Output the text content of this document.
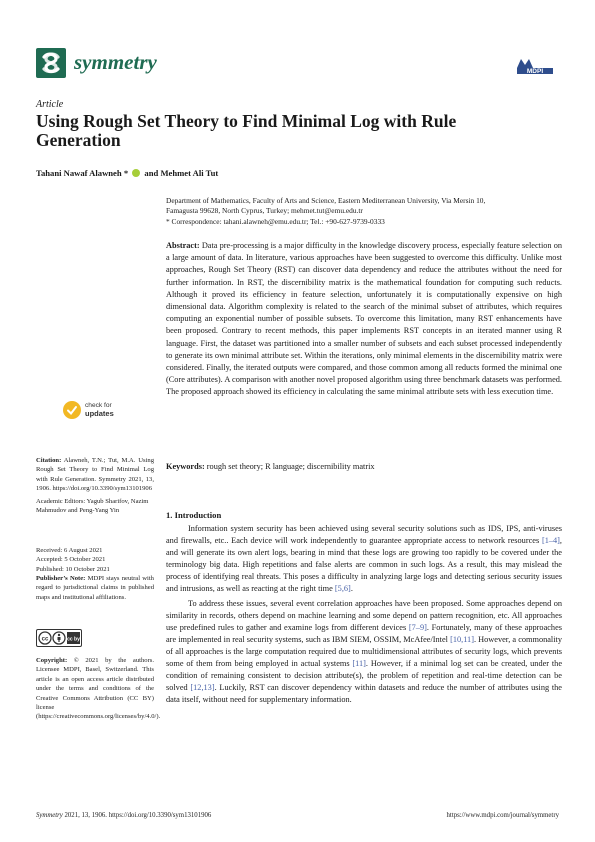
symmetry	MDPI
Article
Using Rough Set Theory to Find Minimal Log with Rule Generation
Tahani Nawaf Alawneh *  and Mehmet Ali Tut
Department of Mathematics, Faculty of Arts and Science, Eastern Mediterranean University, Via Mersin 10,
Famagusta 99628, North Cyprus, Turkey; mehmet.tut@emu.edu.tr
* Correspondence: tahani.alawneh@emu.edu.tr; Tel.: +90-627-9739-0333
Abstract: Data pre-processing is a major difficulty in the knowledge discovery process, especially feature selection on a large amount of data. In literature, various approaches have been suggested to overcome this difficulty. Unlike most approaches, Rough Set Theory (RST) can discover data dependency and reduce the attributes without the need for further information. In RST, the discernibility matrix is the mathematical foundation for computing such reducts. Although it proved its efficiency in feature selection, unfortunately it is computationally expensive on high dimensional data. Algorithm complexity is related to the search of the minimal subset of attributes, which requires computing an exponential number of possible subsets. To overcome this limitation, many RST enhancements have been proposed. Contrary to recent methods, this paper implements RST concepts in an iterated manner using R language. First, the dataset was partitioned into a smaller number of subsets and each subset processed independently to generate its own minimal attribute set. Within the iterations, only minimal elements in the discernibility matrix were considered. Finally, the iterated outputs were compared, and those common among all reducts formed the minimal one (Core attributes). A comparison with another novel proposed algorithm using three benchmark datasets was performed. The proposed approach showed its efficiency in calculating the same minimal attribute sets with less execution time.
Keywords: rough set theory; R language; discernibility matrix
1. Introduction

Information system security has been achieved using several security solutions such as IDS, IPS, anti-viruses and firewalls, etc.. Each device will work independently to guarantee appropriate access to network resources [1–4], and will generate its own alert logs, bearing in mind that these logs are growing too rapidly to be covered under the terminology big data. High repetitions and false alerts are common in such logs. As a result, this may mislead the process of identifying real threats. This poses a difficulty in analyzing large logs and detecting serious security issues and intrusions, as well as reacting at the right time [5,6].

To address these issues, several event correlation approaches have been proposed. Some approaches depend on similarity in records, others depend on machine learning and some depend on pattern recognition, etc. All approaches use predefined rules to gather and examine logs from different devices [7–9]. Fortunately, many of these approaches are implemented in real security systems, such as IBM SIEM, OSSIM, McAfee/Intel [10,11]. However, a commonality of all approaches is the large computation required due to multidimensional attributes of security logs, which prevents some of them from being employed in actual systems [11]. However, if a minimal log set can be created, under the condition of remaining consistent to decision attribute(s), the problem of repetition and real-time detection can be solved [12,13]. Luckily, RST can discover dependency within datasets and reduce the number of attributes using the data itself, without need for supplementary information.

check for
updates
Citation: Alawneh, T.N.; Tut, M.A. Using Rough Set Theory to Find Minimal Log with Rule Generation. Symmetry 2021, 13, 1906. https://doi.org/10.3390/sym13101906
Academic Editors: Yagub Sharifov, Nazim Mahmudov and Peng-Yang Yin
Received: 6 August 2021
Accepted: 5 October 2021
Published: 10 October 2021
Publisher’s Note: MDPI stays neutral with regard to jurisdictional claims in published maps and institutional affiliations.
cc	cc by
Copyright: © 2021 by the authors. Licensee MDPI, Basel, Switzerland. This article is an open access article distributed under the terms and conditions of the Creative Commons Attribution (CC BY) license (https://creativecommons.org/licenses/by/4.0/).
Symmetry 2021, 13, 1906. https://doi.org/10.3390/sym13101906	https://www.mdpi.com/journal/symmetry
